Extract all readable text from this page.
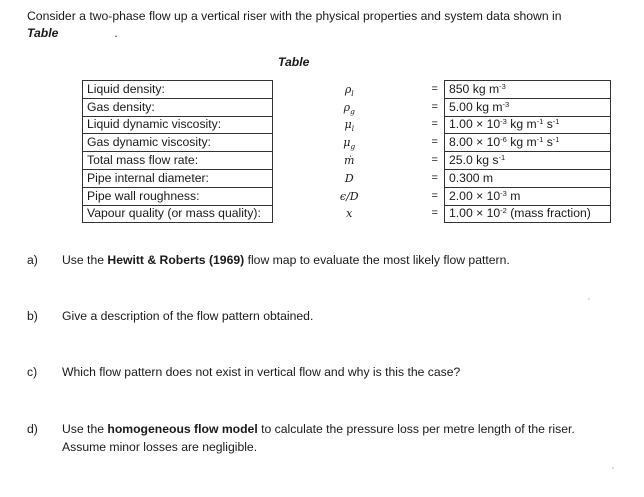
Consider a two-phase flow up a vertical riser with the physical properties and system data shown in
Table	.
Table
Liquid density:	$\rho_l$	=	850 kg $m^{-3}$
Gas density:	$\rho_g$	=	5.00 kg $m^{-3}$
Liquid dynamic viscosity:	$\mu_l$	=	$1.00 \times 10^{-3}$ kg $m^{-1}$ $s^{-1}$
Gas dynamic viscosity:	$\mu_g$	=	$8.00 \times 10^{-6}$ kg $m^{-1}$ $s^{-1}$
Total mass flow rate:	ṁ	=	25.0 kg $s^{-1}$
Pipe internal diameter:	D	=	0.300 m
Pipe wall roughness:	ϵ/D	=	$2.00 \times 10^{-3}$ m
Vapour quality (or mass quality):	x	=	$1.00 \times 10^{-2}$ (mass fraction)
a)	Use the Hewitt & Roberts (1969) flow map to evaluate the most likely flow pattern.
b)	Give a description of the flow pattern obtained.
c)	Which flow pattern does not exist in vertical flow and why is this the case?
d)	Use the homogeneous flow model to calculate the pressure loss per metre length of the riser.
Assume minor losses are negligible.
